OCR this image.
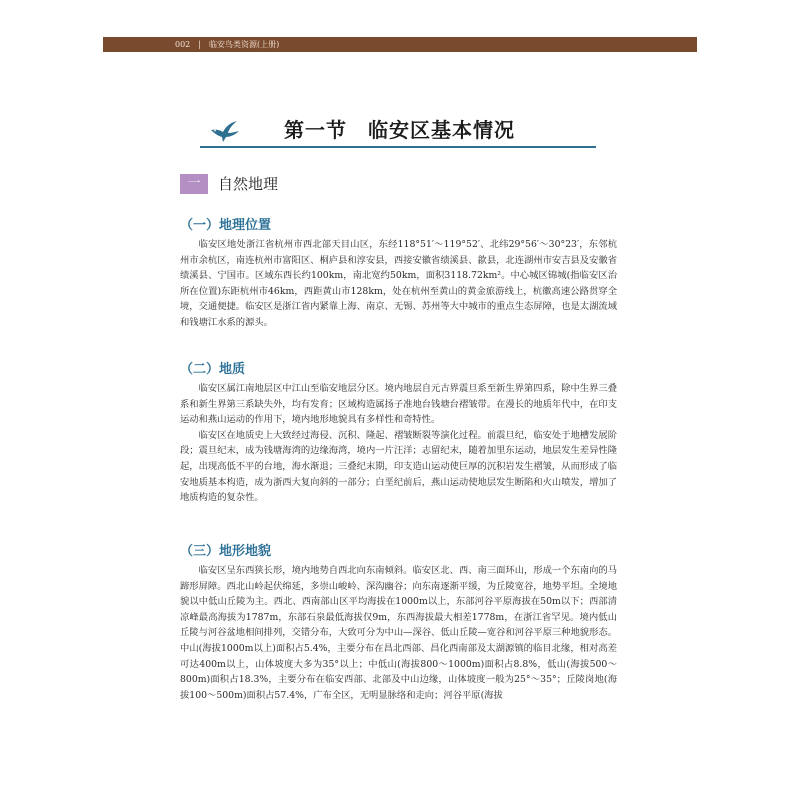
002 | 临安鸟类资源(上册)
第一节　临安区基本情况
一	自然地理
（一）地理位置

临安区地处浙江省杭州市西北部天目山区，东经118°51′～119°52′、北纬29°56′～30°23′，东邻杭州市余杭区，南连杭州市富阳区、桐庐县和淳安县，西接安徽省绩溪县、歙县，北连湖州市安吉县及安徽省绩溪县、宁国市。区域东西长约100km，南北宽约50km，面积3118.72km²。中心城区锦城(指临安区治所在位置)东距杭州市46km，西距黄山市128km，处在杭州至黄山的黄金旅游线上，杭徽高速公路贯穿全境，交通便捷。临安区是浙江省内紧靠上海、南京、无锡、苏州等大中城市的重点生态屏障，也是太湖流域和钱塘江水系的源头。

（二）地质

临安区属江南地层区中江山至临安地层分区。境内地层自元古界震旦系至新生界第四系，除中生界三叠系和新生界第三系缺失外，均有发育；区域构造属扬子准地台钱塘台褶皱带。在漫长的地质年代中，在印支运动和燕山运动的作用下，境内地形地貌具有多样性和奇特性。

临安区在地质史上大致经过海侵、沉积、隆起、褶皱断裂等演化过程。前震旦纪，临安处于地槽发展阶段；震旦纪末，成为钱塘海湾的边缘海湾，境内一片汪洋；志留纪末，随着加里东运动，地层发生差异性隆起，出现高低不平的台地，海水渐退；三叠纪末期，印支造山运动使巨厚的沉积岩发生褶皱，从而形成了临安地质基本构造，成为浙西大复向斜的一部分；白垩纪前后，燕山运动使地层发生断陷和火山喷发，增加了地质构造的复杂性。

（三）地形地貌

临安区呈东西狭长形，境内地势自西北向东南倾斜。临安区北、西、南三面环山，形成一个东南向的马蹄形屏障。西北山岭起伏绵延，多崇山峻岭、深沟幽谷；向东南逐渐平缓，为丘陵宽谷，地势平坦。全境地貌以中低山丘陵为主。西北、西南部山区平均海拔在1000m以上，东部河谷平原海拔在50m以下；西部清凉峰最高海拔为1787m，东部石泉最低海拔仅9m，东西海拔最大相差1778m，在浙江省罕见。境内低山丘陵与河谷盆地相间排列，交错分布，大致可分为中山—深谷、低山丘陵—宽谷和河谷平原三种地貌形态。中山(海拔1000m以上)面积占5.4%，主要分布在昌北西部、昌化西南部及太湖源镇的临目北缘，相对高差可达400m以上，山体坡度大多为35°以上；中低山(海拔800～1000m)面积占8.8%，低山(海拔500～800m)面积占18.3%，主要分布在临安西部、北部及中山边缘，山体坡度一般为25°～35°；丘陵岗地(海拔100～500m)面积占57.4%，广布全区，无明显脉络和走向；河谷平原(海拔
